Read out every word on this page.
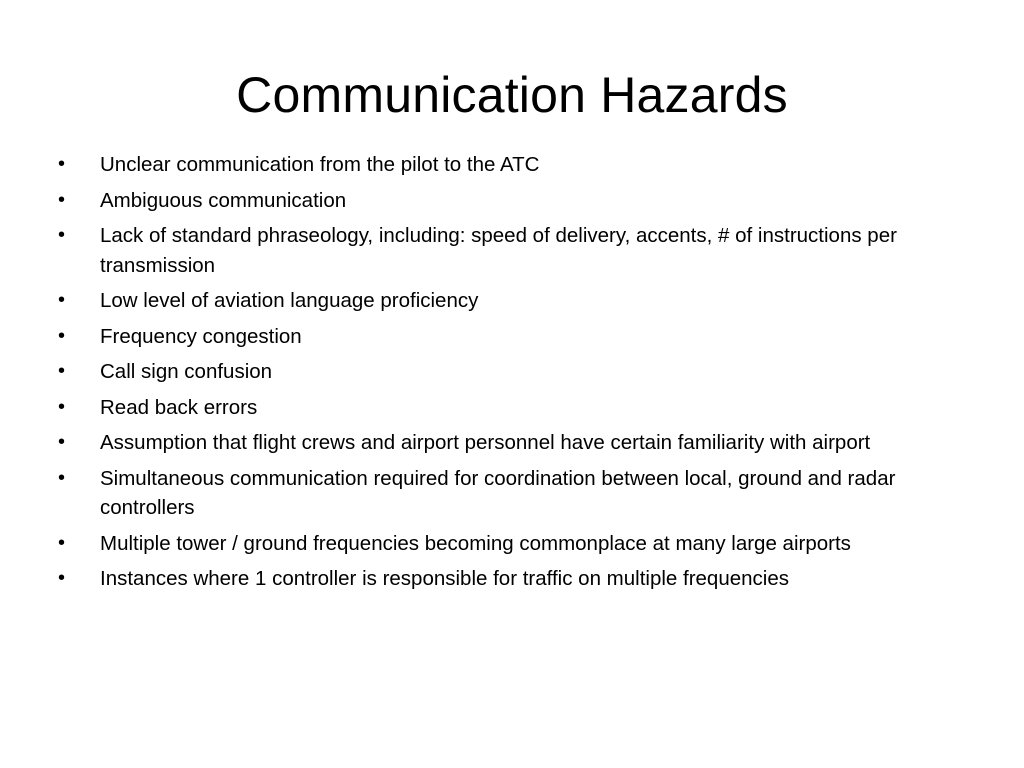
Communication Hazards
•	Unclear communication from the pilot to the ATC
•	Ambiguous communication
•	Lack of standard phraseology, including: speed of delivery, accents, # of instructions per transmission
•	Low level of aviation language proficiency
•	Frequency congestion
•	Call sign confusion
•	Read back errors
•	Assumption that flight crews and airport personnel have certain familiarity with airport
•	Simultaneous communication required for coordination between local, ground and radar controllers
•	Multiple tower / ground frequencies becoming commonplace at many large airports
•	Instances where 1 controller is responsible for traffic on multiple frequencies
